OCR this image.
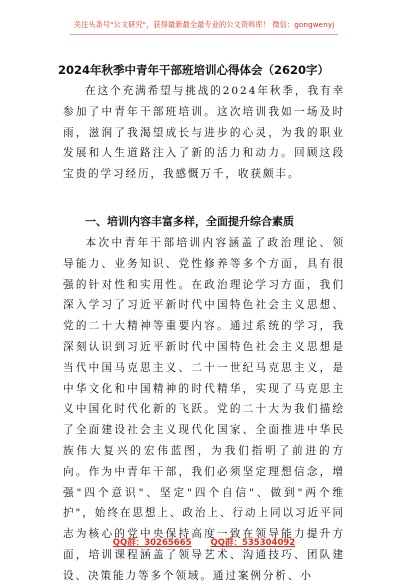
关注头条号"公文研究"，获得最新最全最专业的公文资料库！ 微信：gongwenyj
2024年秋季中青年干部班培训心得体会（2620字）
在这个充满希望与挑战的2024年秋季，我有幸参加了中青年干部班培训。这次培训我如一场及时雨，滋润了我渴望成长与进步的心灵，为我的职业发展和人生道路注入了新的活力和动力。回顾这段宝贵的学习经历，我感慨万千，收获颇丰。
一、培训内容丰富多样，全面提升综合素质
本次中青年干部培训内容涵盖了政治理论、领导能力、业务知识、党性修养等多个方面，具有很强的针对性和实用性。在政治理论学习方面，我们深入学习了习近平新时代中国特色社会主义思想、党的二十大精神等重要内容。通过系统的学习，我深刻认识到习近平新时代中国特色社会主义思想是当代中国马克思主义、二十一世纪马克思主义，是中华文化和中国精神的时代精华，实现了马克思主义中国化时代化新的飞跃。党的二十大为我们描绘了全面建设社会主义现代化国家、全面推进中华民族伟大复兴的宏伟蓝图，为我们指明了前进的方向。作为中青年干部，我们必须坚定理想信念，增强"四个意识"、坚定"四个自信"、做到"两个维护"，始终在思想上、政治上、行动上同以习近平同志为核心的党中央保持高度一致在领导能力提升方面，培训课程涵盖了领导艺术、沟通技巧、团队建设、决策能力等多个领域。通过案例分析、小
QQ群：30265665 QQ群：535304092
